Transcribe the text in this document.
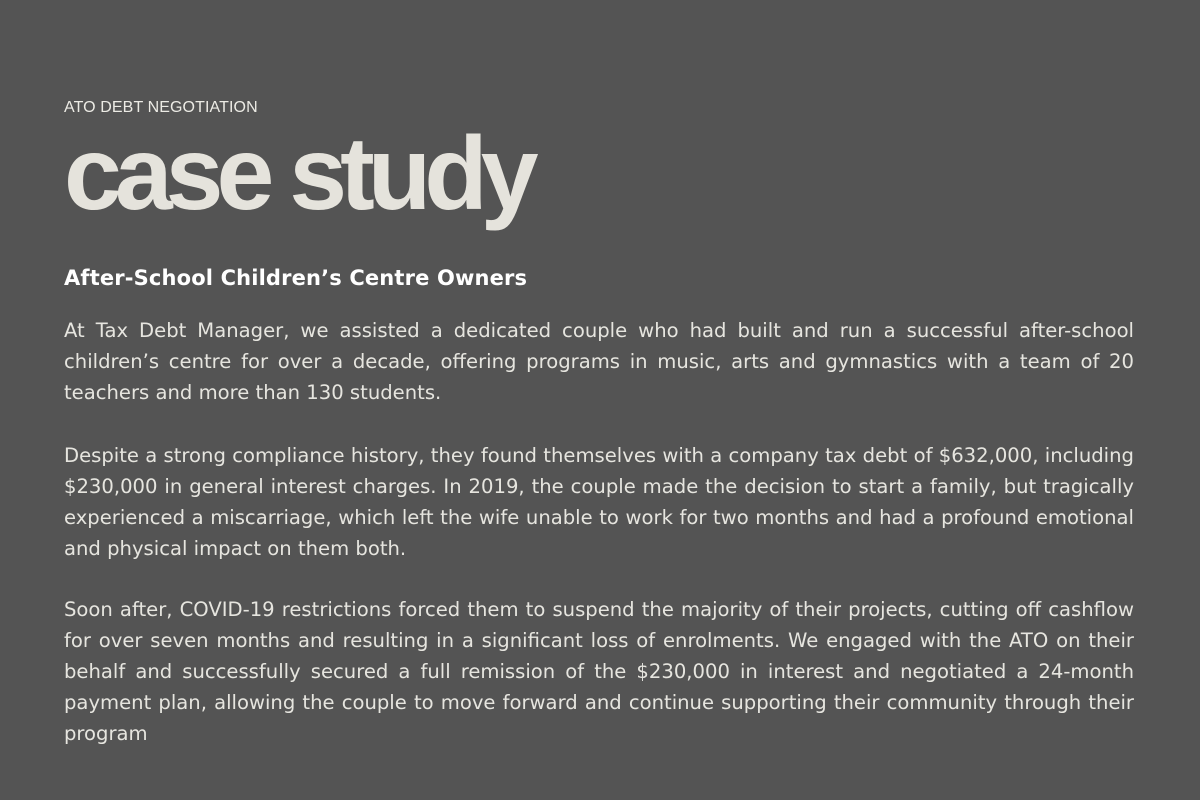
ATO DEBT NEGOTIATION

case study
After-School Children’s Centre Owners

At Tax Debt Manager, we assisted a dedicated couple who had built and run a successful after-school children’s centre for over a decade, offering programs in music, arts and gymnastics with a team of 20 teachers and more than 130 students.

Despite a strong compliance history, they found themselves with a company tax debt of $632,000, including $230,000 in general interest charges. In 2019, the couple made the decision to start a family, but tragically experienced a miscarriage, which left the wife unable to work for two months and had a profound emotional and physical impact on them both.

Soon after, COVID-19 restrictions forced them to suspend the majority of their projects, cutting off cashflow for over seven months and resulting in a significant loss of enrolments. We engaged with the ATO on their behalf and successfully secured a full remission of the $230,000 in interest and negotiated a 24-month payment plan, allowing the couple to move forward and continue supporting their community through their program
